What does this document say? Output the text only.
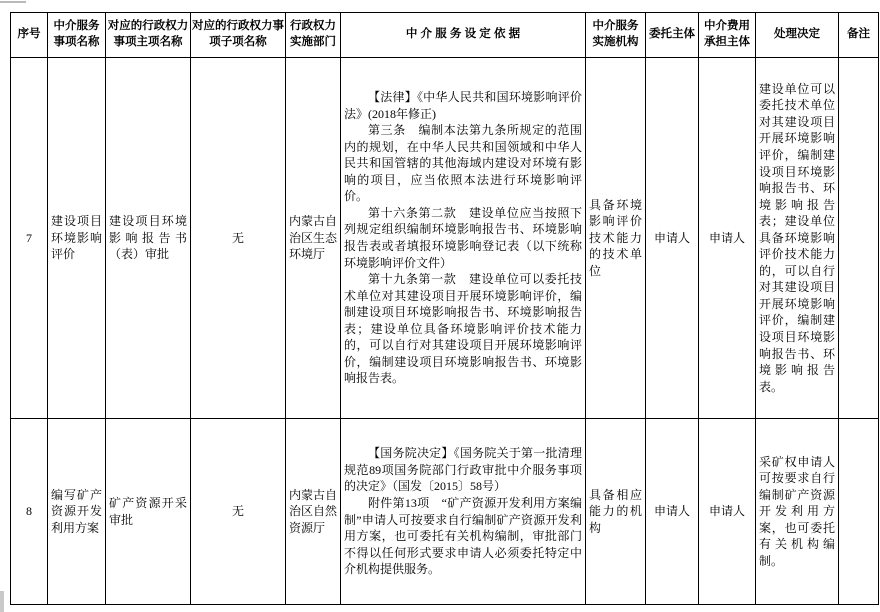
序号	中介服务事项名称	对应的行政权力事项主项名称	对应的行政权力事项子项名称	行政权力实施部门	中 介 服 务 设 定 依 据	中介服务实施机构	委托主体	中介费用承担主体	处理决定	备注
7	建设项目环境影响评价	建设项目环境影响报告书（表）审批	无	内蒙古自治区生态环境厅	【法律】《中华人民共和国环境影响评价法》(2018年修正)

第三条　编制本法第九条所规定的范围内的规划，在中华人民共和国领域和中华人民共和国管辖的其他海域内建设对环境有影响的项目，应当依照本法进行环境影响评价。

第十六条第二款　建设单位应当按照下列规定组织编制环境影响报告书、环境影响报告表或者填报环境影响登记表（以下统称环境影响评价文件）

第十九条第一款　建设单位可以委托技术单位对其建设项目开展环境影响评价，编制建设项目环境影响报告书、环境影响报告表；建设单位具备环境影响评价技术能力的，可以自行对其建设项目开展环境影响评价，编制建设项目环境影响报告书、环境影响报告表。	具备环境影响评价技术能力的技术单位	申请人	申请人	建设单位可以委托技术单位对其建设项目开展环境影响评价，编制建设项目环境影响报告书、环境影响报告表；建设单位具备环境影响评价技术能力的，可以自行对其建设项目开展环境影响评价，编制建设项目环境影响报告书、环境影响报告表。	

8	编写矿产资源开发利用方案	矿产资源开采审批	无	内蒙古自治区自然资源厅	【国务院决定】《国务院关于第一批清理规范89项国务院部门行政审批中介服务事项的决定》（国发〔2015〕58号）

附件第13项　“矿产资源开发利用方案编制”申请人可按要求自行编制矿产资源开发利用方案，也可委托有关机构编制，审批部门不得以任何形式要求申请人必须委托特定中介机构提供服务。	具备相应能力的机构	申请人	申请人	采矿权申请人可按要求自行编制矿产资源开发利用方案，也可委托有关机构编制。	
